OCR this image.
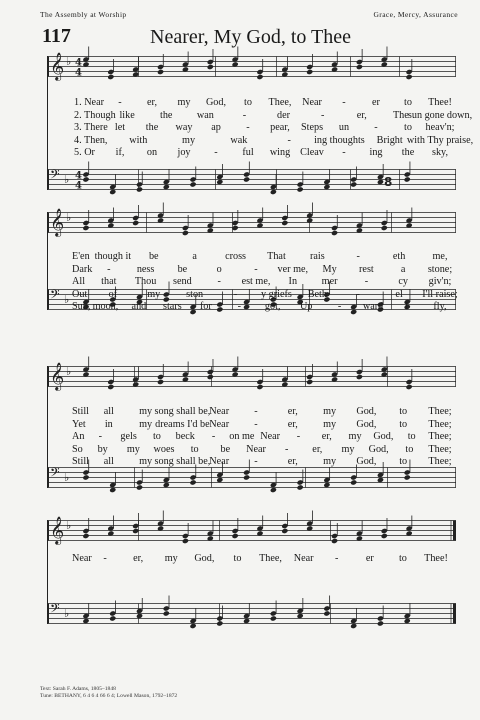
The Assembly at Worship	Grace, Mercy, Assurance
117	Nearer, My God, to Thee
𝄞 ♭ 4
4
𝄢 ♭ 4
4	8
1. Near - er, my God, to Thee, Near -	er to Thee!
2. Though like the wan	-	der	-	er,	The sun gone down,
3. There let the way ap - pear, Steps un -	to heav'n;
4. Then, with	my	wak	- ing thoughts Bright with Thy praise,
5. Or if, on joy - ful wing Cleav - ing the sky,
𝄞 ♭
𝄢 ♭
E'en though it be	a	cross That rais	-	eth	me,
Dark -	ness be	o	- ver me, My rest	a stone;
All that Thou send	- est me, In mer	-	cy giv'n;
Out of	my	ston	- y griefs Beth	-	el I'll raise;
Sun, moon, and stars for	- got, Up	- ward I fly,
𝄞 ♭
𝄢 ♭
Still all my song shall be, Near -	er, my God, to Thee;
Yet in	my dreams I'd be Near -	er, my God, to Thee;
An - gels to beck - on me Near - er, my God, to Thee;
So by my woes to be Near - er, my God, to Thee;
Still all my song shall be, Near -	er, my God, to Thee;
𝄞 ♭
𝄢 ♭
Near -	er, my God, to Thee, Near -	er to Thee!
Text: Sarah F. Adams, 1805–1848
Tune: BETHANY, 6 4 6 4 66 6 4; Lowell Mason, 1792–1872
